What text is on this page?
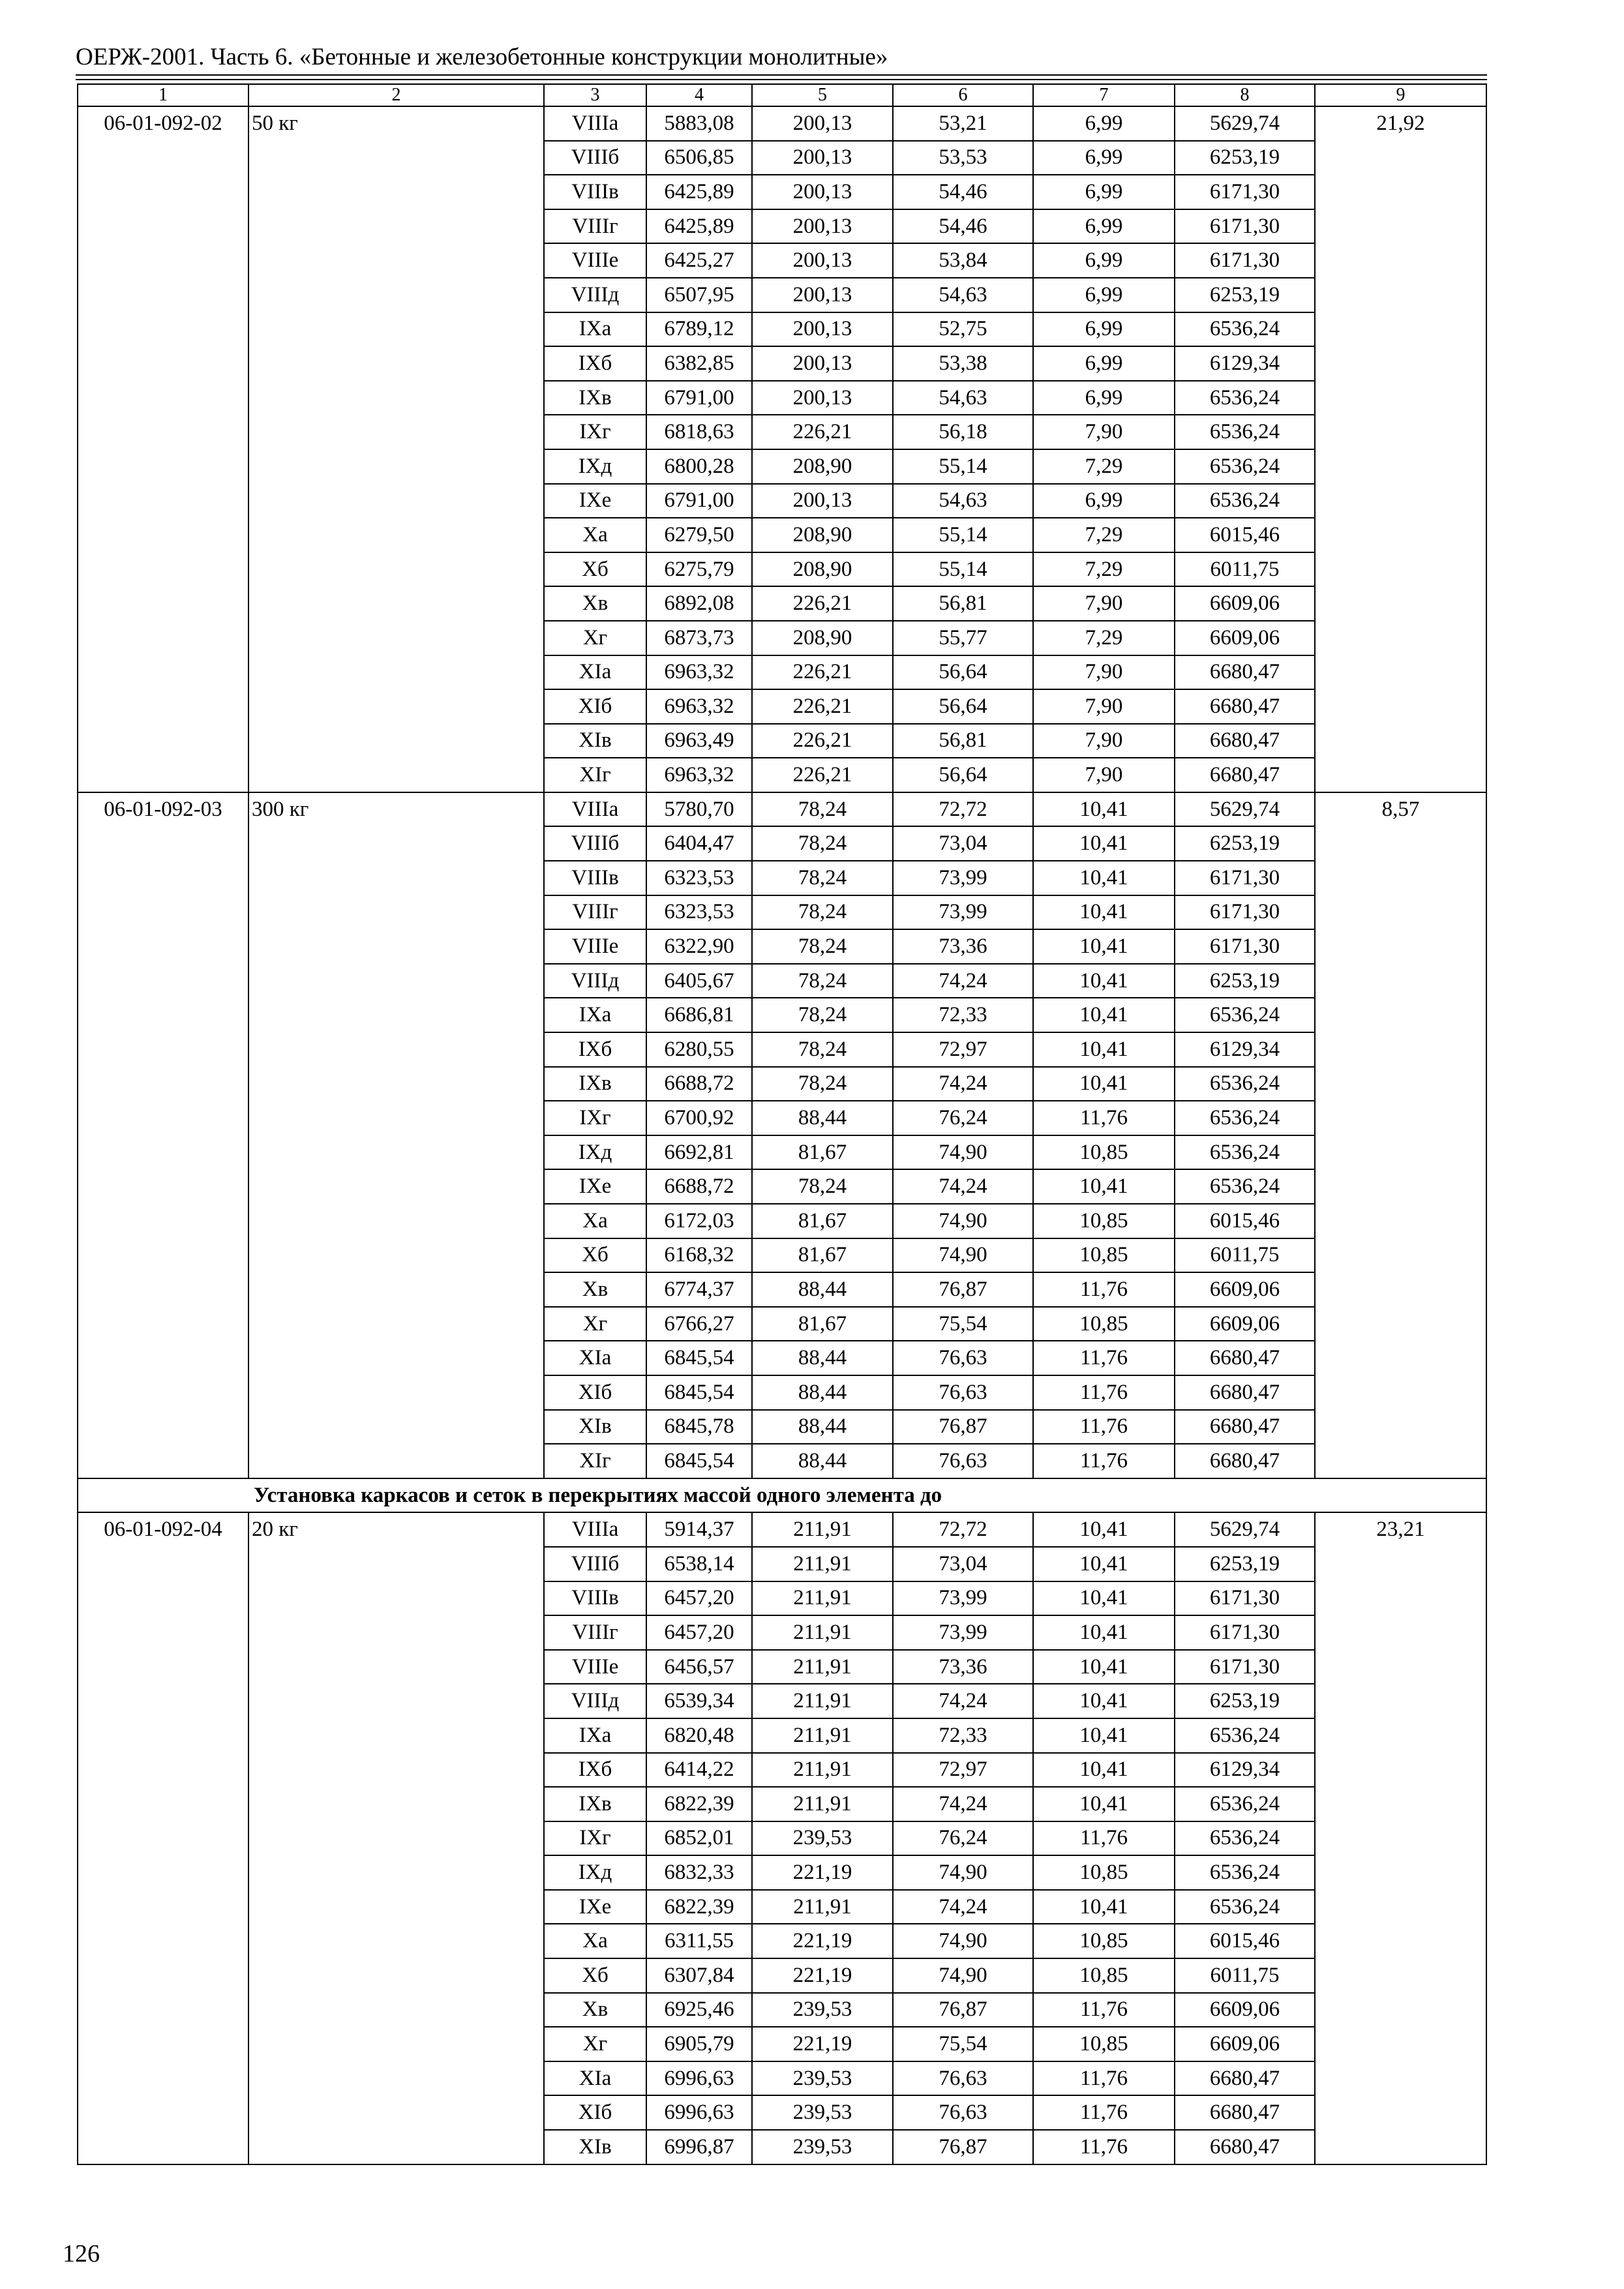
ОЕРЖ-2001. Часть 6. «Бетонные и железобетонные конструкции монолитные»
1	2	3	4	5	6	7	8	9
06-01-092-02	50 кг	VIIIа	5883,08	200,13	53,21	6,99	5629,74	21,92
		VIIIб	6506,85	200,13	53,53	6,99	6253,19	
		VIIIв	6425,89	200,13	54,46	6,99	6171,30	
		VIIIг	6425,89	200,13	54,46	6,99	6171,30	
		VIIIе	6425,27	200,13	53,84	6,99	6171,30	
		VIIIд	6507,95	200,13	54,63	6,99	6253,19	
		IXа	6789,12	200,13	52,75	6,99	6536,24	
		IXб	6382,85	200,13	53,38	6,99	6129,34	
		IXв	6791,00	200,13	54,63	6,99	6536,24	
		IXг	6818,63	226,21	56,18	7,90	6536,24	
		IXд	6800,28	208,90	55,14	7,29	6536,24	
		IXе	6791,00	200,13	54,63	6,99	6536,24	
		Xа	6279,50	208,90	55,14	7,29	6015,46	
		Xб	6275,79	208,90	55,14	7,29	6011,75	
		Xв	6892,08	226,21	56,81	7,90	6609,06	
		Xг	6873,73	208,90	55,77	7,29	6609,06	
		XIа	6963,32	226,21	56,64	7,90	6680,47	
		XIб	6963,32	226,21	56,64	7,90	6680,47	
		XIв	6963,49	226,21	56,81	7,90	6680,47	
		XIг	6963,32	226,21	56,64	7,90	6680,47	
06-01-092-03	300 кг	VIIIа	5780,70	78,24	72,72	10,41	5629,74	8,57
		VIIIб	6404,47	78,24	73,04	10,41	6253,19	
		VIIIв	6323,53	78,24	73,99	10,41	6171,30	
		VIIIг	6323,53	78,24	73,99	10,41	6171,30	
		VIIIе	6322,90	78,24	73,36	10,41	6171,30	
		VIIIд	6405,67	78,24	74,24	10,41	6253,19	
		IXа	6686,81	78,24	72,33	10,41	6536,24	
		IXб	6280,55	78,24	72,97	10,41	6129,34	
		IXв	6688,72	78,24	74,24	10,41	6536,24	
		IXг	6700,92	88,44	76,24	11,76	6536,24	
		IXд	6692,81	81,67	74,90	10,85	6536,24	
		IXе	6688,72	78,24	74,24	10,41	6536,24	
		Xа	6172,03	81,67	74,90	10,85	6015,46	
		Xб	6168,32	81,67	74,90	10,85	6011,75	
		Xв	6774,37	88,44	76,87	11,76	6609,06	
		Xг	6766,27	81,67	75,54	10,85	6609,06	
		XIа	6845,54	88,44	76,63	11,76	6680,47	
		XIб	6845,54	88,44	76,63	11,76	6680,47	
		XIв	6845,78	88,44	76,87	11,76	6680,47	
		XIг	6845,54	88,44	76,63	11,76	6680,47	
Установка каркасов и сеток в перекрытиях массой одного элемента до								
06-01-092-04	20 кг	VIIIа	5914,37	211,91	72,72	10,41	5629,74	23,21
		VIIIб	6538,14	211,91	73,04	10,41	6253,19	
		VIIIв	6457,20	211,91	73,99	10,41	6171,30	
		VIIIг	6457,20	211,91	73,99	10,41	6171,30	
		VIIIе	6456,57	211,91	73,36	10,41	6171,30	
		VIIIд	6539,34	211,91	74,24	10,41	6253,19	
		IXа	6820,48	211,91	72,33	10,41	6536,24	
		IXб	6414,22	211,91	72,97	10,41	6129,34	
		IXв	6822,39	211,91	74,24	10,41	6536,24	
		IXг	6852,01	239,53	76,24	11,76	6536,24	
		IXд	6832,33	221,19	74,90	10,85	6536,24	
		IXе	6822,39	211,91	74,24	10,41	6536,24	
		Xа	6311,55	221,19	74,90	10,85	6015,46	
		Xб	6307,84	221,19	74,90	10,85	6011,75	
		Xв	6925,46	239,53	76,87	11,76	6609,06	
		Xг	6905,79	221,19	75,54	10,85	6609,06	
		XIа	6996,63	239,53	76,63	11,76	6680,47	
		XIб	6996,63	239,53	76,63	11,76	6680,47	
		XIв	6996,87	239,53	76,87	11,76	6680,47	
126
